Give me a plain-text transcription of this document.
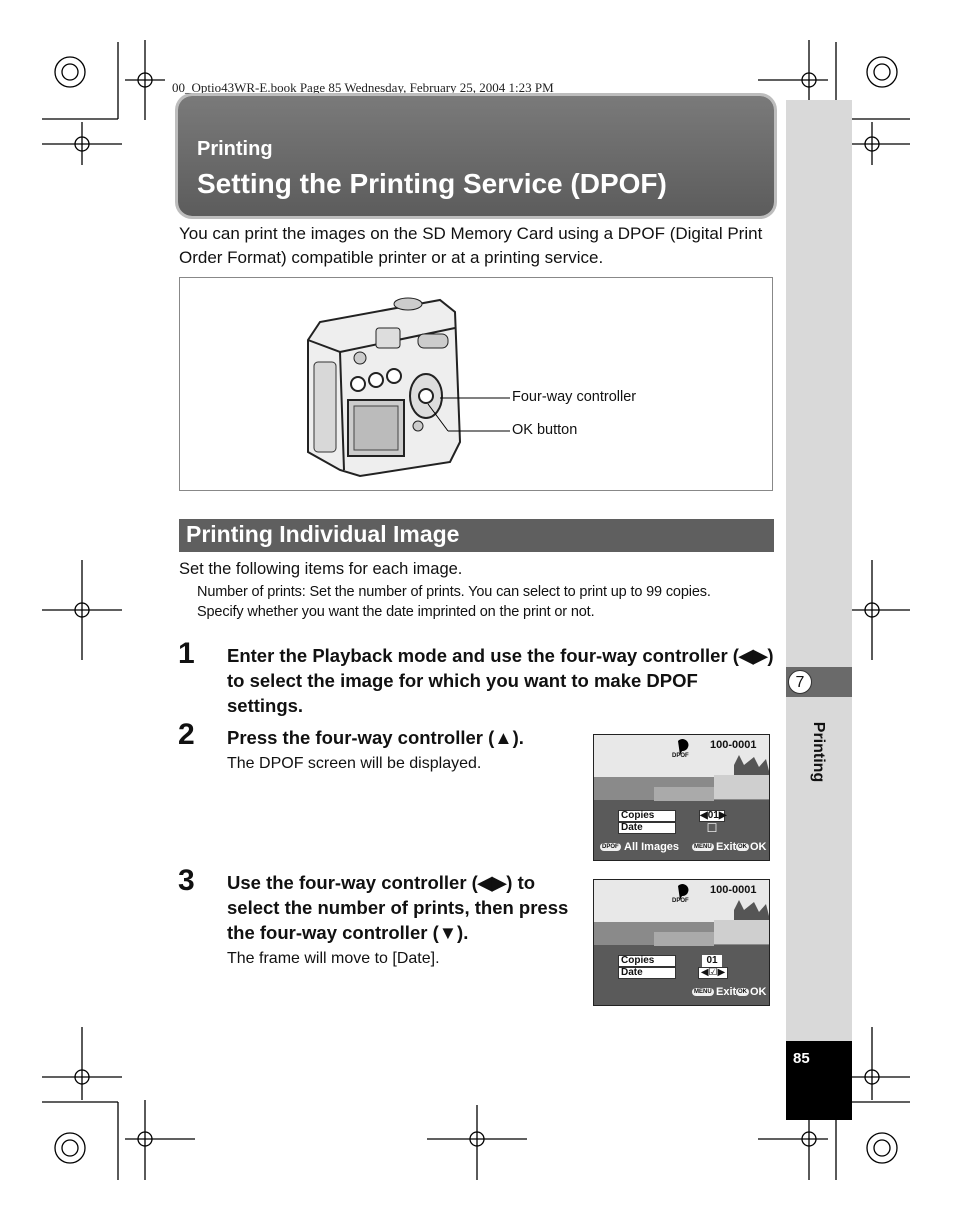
00_Optio43WR-E.book Page 85 Wednesday, February 25, 2004 1:23 PM
7
Printing
85
Printing
Setting the Printing Service (DPOF)
You can print the images on the SD Memory Card using a DPOF (Digital Print Order Format) compatible printer or at a printing service.
Four-way controller
OK button
Printing Individual Image
Set the following items for each image.
Number of prints: Set the number of prints. You can select to print up to 99 copies.
Specify whether you want the date imprinted on the print or not.
1 Enter the Playback mode and use the four-way controller (◀▶) to select the image for which you want to make DPOF settings.
2 Press the four-way controller (▲).
The DPOF screen will be displayed.
3 Use the four-way controller (◀▶) to select the number of prints, then press the four-way controller (▼).
The frame will move to [Date].
100-0001
DPOF
Copies
Date
◀01▶
☐
DPOF All Images	MENU Exit OK OK
100-0001
DPOF
Copies
Date
01
◀☑▶
MENU Exit OK OK
